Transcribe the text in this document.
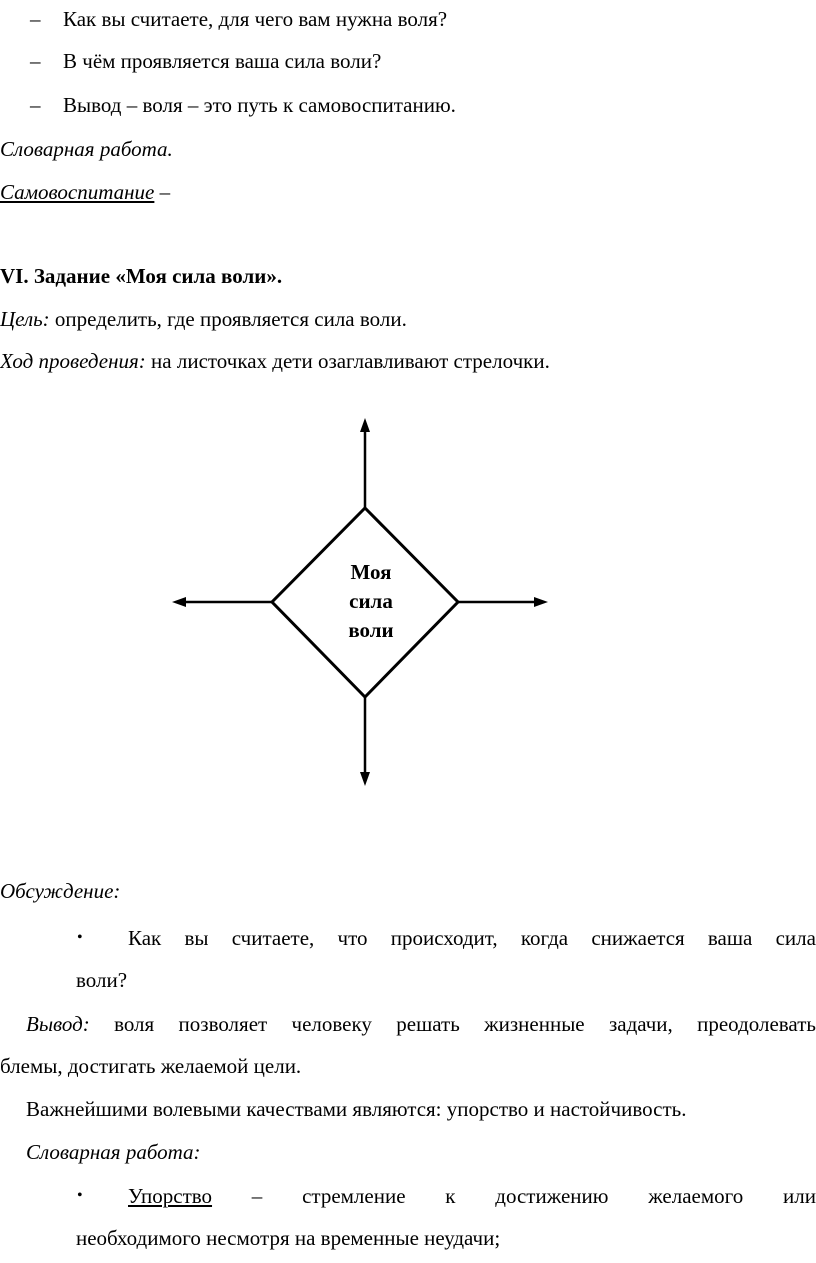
– Как вы считаете, для чего вам нужна воля?
– В чём проявляется ваша сила воли?
– Вывод – воля – это путь к самовоспитанию.
Словарная работа.
Самовоспитание –
VI. Задание «Моя сила воли».
Цель: определить, где проявляется сила воли.
Ход проведения: на листочках дети озаглавливают стрелочки.
Моя
сила
воли
Обсуждение:
• Как вы считаете, что происходит, когда снижается ваша сила
воли?
Вывод: воля позволяет человеку решать жизненные задачи, преодолевать
блемы, достигать желаемой цели.
Важнейшими волевыми качествами являются: упорство и настойчивость.
Словарная работа:
• Упорство – стремление к достижению желаемого или
необходимого несмотря на временные неудачи;
